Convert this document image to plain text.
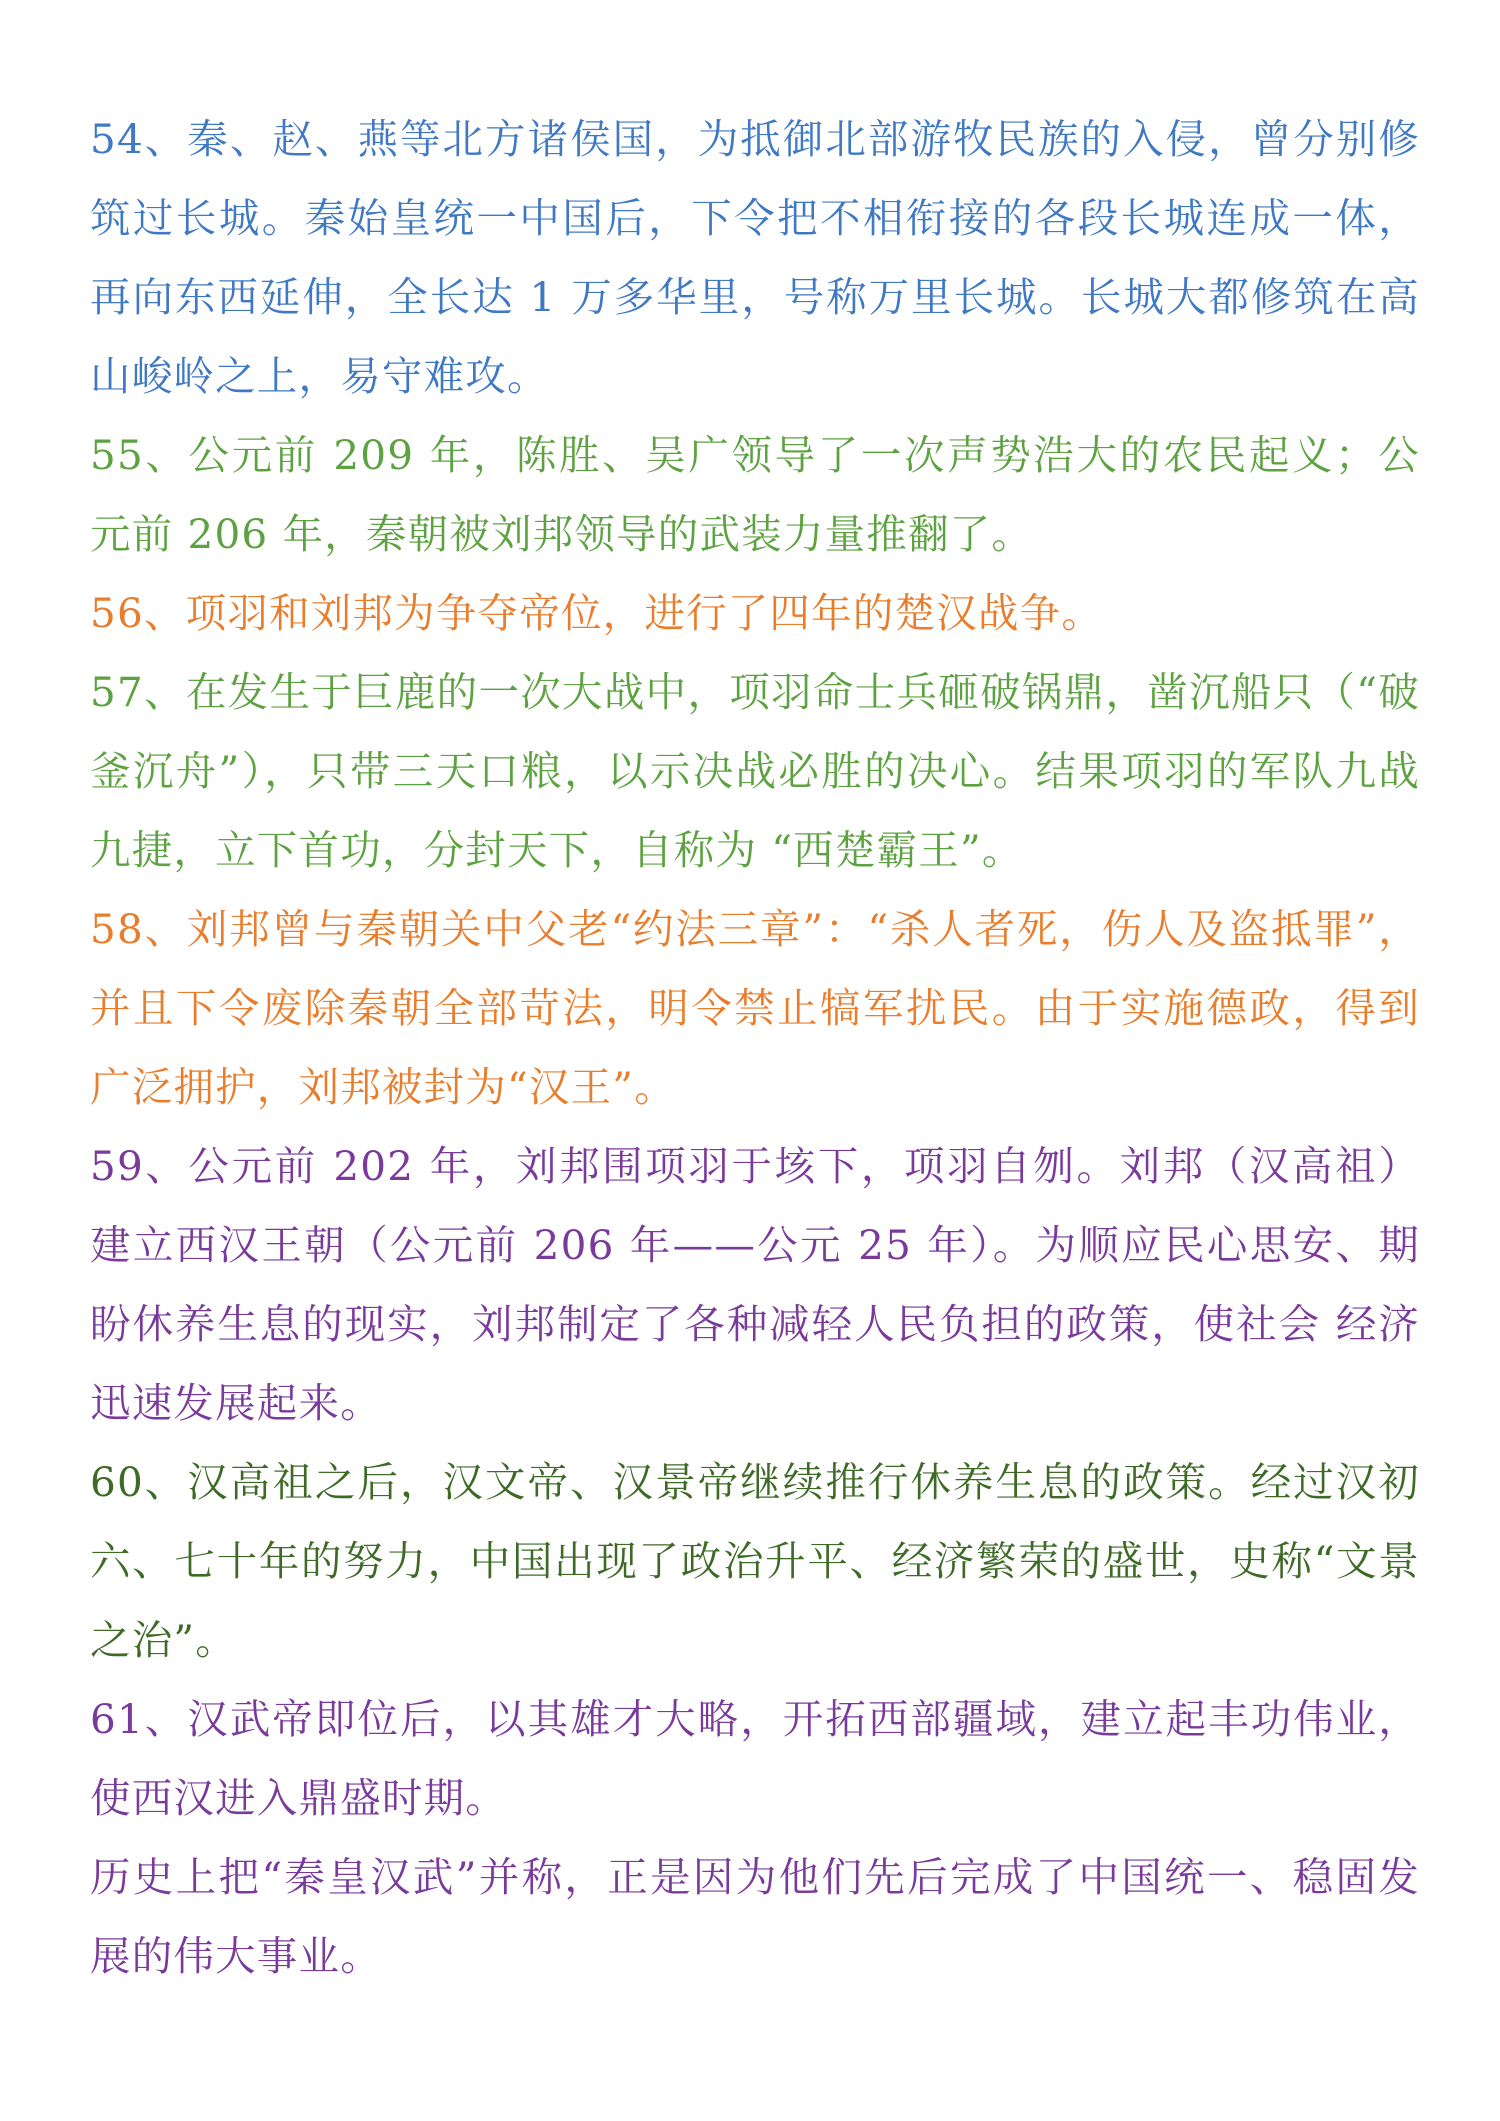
54、秦、赵、燕等北方诸侯国，为抵御北部游牧民族的入侵，曾分别修筑过长城。秦始皇统一中国后，下令把不相衔接的各段长城连成一体，再向东西延伸，全长达 1 万多华里，号称万里长城。长城大都修筑在高山峻岭之上，易守难攻。

55、公元前 209 年，陈胜、吴广领导了一次声势浩大的农民起义；公元前 206 年，秦朝被刘邦领导的武装力量推翻了。

56、项羽和刘邦为争夺帝位，进行了四年的楚汉战争。

57、在发生于巨鹿的一次大战中，项羽命士兵砸破锅鼎，凿沉船只（“破釜沉舟”），只带三天口粮，以示决战必胜的决心。结果项羽的军队九战九捷，立下首功，分封天下，自称为 “西楚霸王”。

58、刘邦曾与秦朝关中父老“约法三章”：“杀人者死，伤人及盗抵罪”，并且下令废除秦朝全部苛法，明令禁止犒军扰民。由于实施德政，得到广泛拥护，刘邦被封为“汉王”。

59、公元前 202 年，刘邦围项羽于垓下，项羽自刎。刘邦（汉高祖）建立西汉王朝（公元前 206 年——公元 25 年）。为顺应民心思安、期盼休养生息的现实，刘邦制定了各种减轻人民负担的政策，使社会 经济迅速发展起来。

60、汉高祖之后，汉文帝、汉景帝继续推行休养生息的政策。经过汉初六、七十年的努力，中国出现了政治升平、经济繁荣的盛世，史称“文景之治”。

61、汉武帝即位后，以其雄才大略，开拓西部疆域，建立起丰功伟业，使西汉进入鼎盛时期。

历史上把“秦皇汉武”并称，正是因为他们先后完成了中国统一、稳固发展的伟大事业。
